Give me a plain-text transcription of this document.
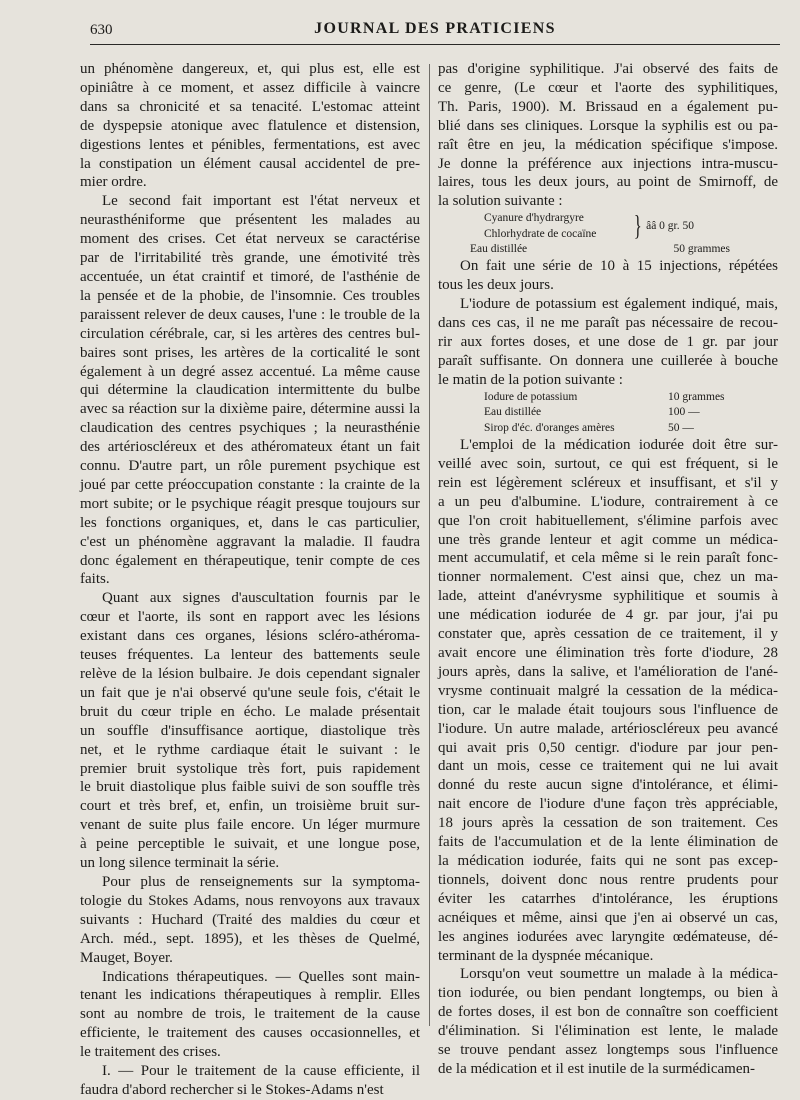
630	JOURNAL DES PRATICIENS

un phénomène dangereux, et, qui plus est, elle est

opiniâtre à ce moment, et assez difficile à vaincre

dans sa chronicité et sa tenacité. L'estomac atteint

de dyspepsie atonique avec flatulence et distension,

digestions lentes et pénibles, fermentations, est avec

la constipation un élément causal accidentel de pre-

mier ordre.

Le second fait important est l'état nerveux et

neurasthéniforme que présentent les malades au

moment des crises. Cet état nerveux se caractérise

par de l'irritabilité très grande, une émotivité très

accentuée, un état craintif et timoré, de l'asthénie de

la pensée et de la phobie, de l'insomnie. Ces troubles

paraissent relever de deux causes, l'une : le trouble de la

circulation cérébrale, car, si les artères des centres bul-

baires sont prises, les artères de la corticalité le sont

également à un degré assez accentué. La même cause

qui détermine la claudication intermittente du bulbe

avec sa réaction sur la dixième paire, détermine aussi la

claudication des centres psychiques ; la neurasthénie

des artérioscléreux et des athéromateux étant un fait

connu. D'autre part, un rôle purement psychique est

joué par cette préoccupation constante : la crainte de la

mort subite; or le psychique réagit presque toujours sur

les fonctions organiques, et, dans le cas particulier,

c'est un phénomène aggravant la maladie. Il faudra

donc également en thérapeutique, tenir compte de ces

faits.

Quant aux signes d'auscultation fournis par le

cœur et l'aorte, ils sont en rapport avec les lésions

existant dans ces organes, lésions scléro-athéroma-

teuses fréquentes. La lenteur des battements seule

relève de la lésion bulbaire. Je dois cependant signaler

un fait que je n'ai observé qu'une seule fois, c'était le

bruit du cœur triple en écho. Le malade présentait

un souffle d'insuffisance aortique, diastolique très

net, et le rythme cardiaque était le suivant : le

premier bruit systolique très fort, puis rapidement

le bruit diastolique plus faible suivi de son souffle très

court et très bref, et, enfin, un troisième bruit sur-

venant de suite plus faile encore. Un léger murmure

à peine perceptible le suivait, et une longue pose,

un long silence terminait la série.

Pour plus de renseignements sur la symptoma-

tologie du Stokes Adams, nous renvoyons aux travaux

suivants : Huchard (Traité des maldies du cœur et

Arch. méd., sept. 1895), et les thèses de Quelmé,

Mauget, Boyer.

Indications thérapeutiques. — Quelles sont main-

tenant les indications thérapeutiques à remplir. Elles

sont au nombre de trois, le traitement de la cause

efficiente, le traitement des causes occasionnelles, et

le traitement des crises.

I. — Pour le traitement de la cause efficiente, il

faudra d'abord rechercher si le Stokes-Adams n'est

pas d'origine syphilitique. J'ai observé des faits de

ce genre, (Le cœur et l'aorte des syphilitiques,

Th. Paris, 1900). M. Brissaud en a également pu-

blié dans ses cliniques. Lorsque la syphilis est ou pa-

raît être en jeu, la médication spécifique s'impose.

Je donne la préférence aux injections intra-muscu-

laires, tous les deux jours, au point de Smirnoff, de

la solution suivante :

Cyanure d'hydrargyre
Chlorhydrate de cocaïne	} ââ 0 gr. 50
Eau distillée	50 grammes

On fait une série de 10 à 15 injections, répétées

tous les deux jours.

L'iodure de potassium est également indiqué, mais,

dans ces cas, il ne me paraît pas nécessaire de recou-

rir aux fortes doses, et une dose de 1 gr. par jour

paraît suffisante. On donnera une cuillerée à bouche

le matin de la potion suivante :

Iodure de potassium	10 grammes
Eau distillée	100 —
Sirop d'éc. d'oranges amères	50 —

L'emploi de la médication iodurée doit être sur-

veillé avec soin, surtout, ce qui est fréquent, si le

rein est légèrement scléreux et insuffisant, et s'il y

a un peu d'albumine. L'iodure, contrairement à ce

que l'on croit habituellement, s'élimine parfois avec

une très grande lenteur et agit comme un médica-

ment accumulatif, et cela même si le rein paraît fonc-

tionner normalement. C'est ainsi que, chez un ma-

lade, atteint d'anévrysme syphilitique et soumis à

une médication iodurée de 4 gr. par jour, j'ai pu

constater que, après cessation de ce traitement, il y

avait encore une élimination très forte d'iodure, 28

jours après, dans la salive, et l'amélioration de l'ané-

vrysme continuait malgré la cessation de la médica-

tion, car le malade était toujours sous l'influence de

l'iodure. Un autre malade, artérioscléreux peu avancé

qui avait pris 0,50 centigr. d'iodure par jour pen-

dant un mois, cesse ce traitement qui ne lui avait

donné du reste aucun signe d'intolérance, et élimi-

nait encore de l'iodure d'une façon très appréciable,

18 jours après la cessation de son traitement. Ces

faits de l'accumulation et de la lente élimination de

la médication iodurée, faits qui ne sont pas excep-

tionnels, doivent donc nous rentre prudents pour

éviter les catarrhes d'intolérance, les éruptions

acnéiques et même, ainsi que j'en ai observé un cas,

les angines iodurées avec laryngite œdémateuse, dé-

terminant de la dyspnée mécanique.

Lorsqu'on veut soumettre un malade à la médica-

tion iodurée, ou bien pendant longtemps, ou bien à

de fortes doses, il est bon de connaître son coefficient

d'élimination. Si l'élimination est lente, le malade

se trouve pendant assez longtemps sous l'influence

de la médication et il est inutile de la surmédicamen-
